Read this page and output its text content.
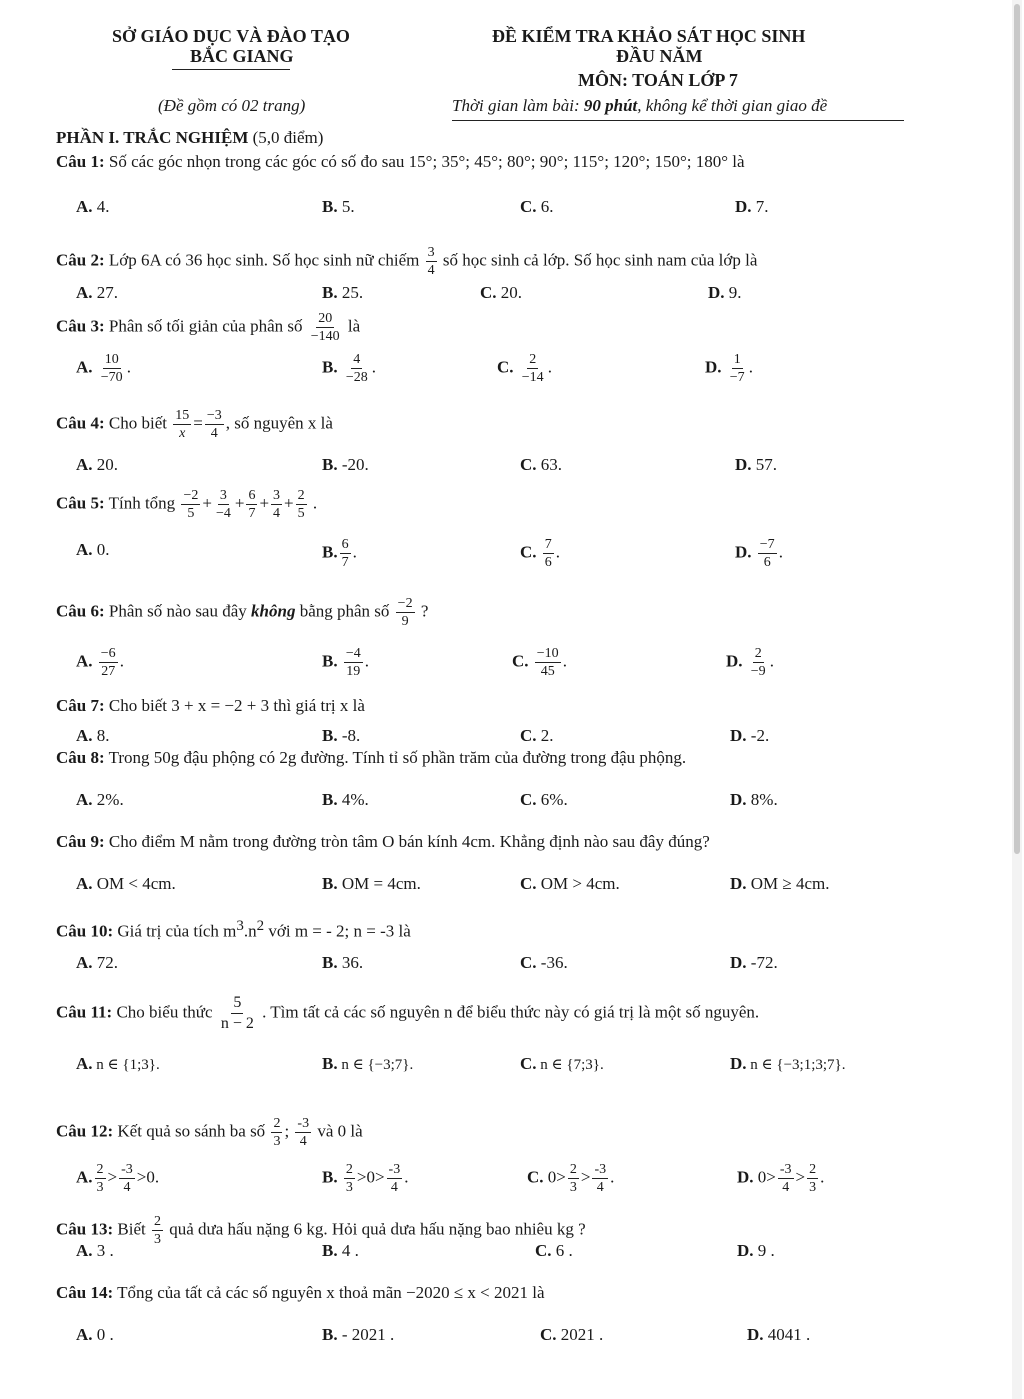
SỞ GIÁO DỤC VÀ ĐÀO TẠO
BẮC GIANG
(Đề gồm có 02 trang)
ĐỀ KIỂM TRA KHẢO SÁT HỌC SINH
ĐẦU NĂM
MÔN: TOÁN LỚP 7
Thời gian làm bài: 90 phút, không kể thời gian giao đề
PHẦN I. TRẮC NGHIỆM (5,0 điểm)
Câu 1: Số các góc nhọn trong các góc có số đo sau 15°; 35°; 45°; 80°; 90°; 115°; 120°; 150°; 180° là
A. 4.	B. 5.	C. 6.	D. 7.
Câu 2: Lớp 6A có 36 học sinh. Số học sinh nữ chiếm $\frac{3}{4}$ số học sinh cả lớp. Số học sinh nam của lớp là
A. 27.	B. 25.	C. 20.	D. 9.
Câu 3: Phân số tối giản của phân số $\frac{20}{-140}$ là
A. $\frac{10}{-70}$ .	B. $\frac{4}{-28}$ .	C. $\frac{2}{-14}$ .	D. $\frac{1}{-7}$ .
Câu 4: Cho biết $\frac{15}{x} = \frac{-3}{4}$ , số nguyên x là
A. 20.	B. -20.	C. 63.	D. 57.
Câu 5: Tính tổng $\frac{-2}{5} + \frac{3}{-4} + \frac{6}{7} + \frac{3}{4} + \frac{2}{5}$ .
A. 0.	B. $\frac{6}{7}$ .	C. $\frac{7}{6}$ .	D. $\frac{-7}{6}$ .
Câu 6: Phân số nào sau đây không bằng phân số $\frac{-2}{9}$ ?
A. $\frac{-6}{27}$ .	B. $\frac{-4}{19}$ .	C. $\frac{-10}{45}$ .	D. $\frac{2}{-9}$ .
Câu 7: Cho biết 3 + x = −2 + 3 thì giá trị x là
A. 8.	B. -8.	C. 2.	D. -2.
Câu 8: Trong 50g đậu phộng có 2g đường. Tính tỉ số phần trăm của đường trong đậu phộng.
A. 2%.	B. 4%.	C. 6%.	D. 8%.
Câu 9: Cho điểm M nằm trong đường tròn tâm O bán kính 4cm. Khẳng định nào sau đây đúng?
A. OM < 4cm.	B. OM = 4cm.	C. OM > 4cm.	D. OM ≥ 4cm.
Câu 10: Giá trị của tích $m^3.n^2$ với m = - 2; n = -3 là
A. 72.	B. 36.	C. -36.	D. -72.
Câu 11: Cho biểu thức $\frac{5}{n - 2}$ . Tìm tất cả các số nguyên n để biểu thức này có giá trị là một số nguyên.
A. n ∈ {1;3}.	B. n ∈ {−3;7}.	C. n ∈ {7;3}.	D. n ∈ {−3;1;3;7}.
Câu 12: Kết quả so sánh ba số $\frac{2}{3}$ ; $\frac{-3}{4}$ và 0 là
A. $\frac{2}{3} > \frac{-3}{4} >0$.	B. $\frac{2}{3} >0> \frac{-3}{4}$ .	C. $0> \frac{2}{3} > \frac{-3}{4}$ .	D. $0> \frac{-3}{4} > \frac{2}{3}$ .
Câu 13: Biết $\frac{2}{3}$ quả dưa hấu nặng 6 kg. Hỏi quả dưa hấu nặng bao nhiêu kg ?
A. 3 .	B. 4 .	C. 6 .	D. 9 .
Câu 14: Tổng của tất cả các số nguyên x thoả mãn −2020 ≤ x < 2021 là
A. 0 .	B. - 2021 .	C. 2021 .	D. 4041 .
